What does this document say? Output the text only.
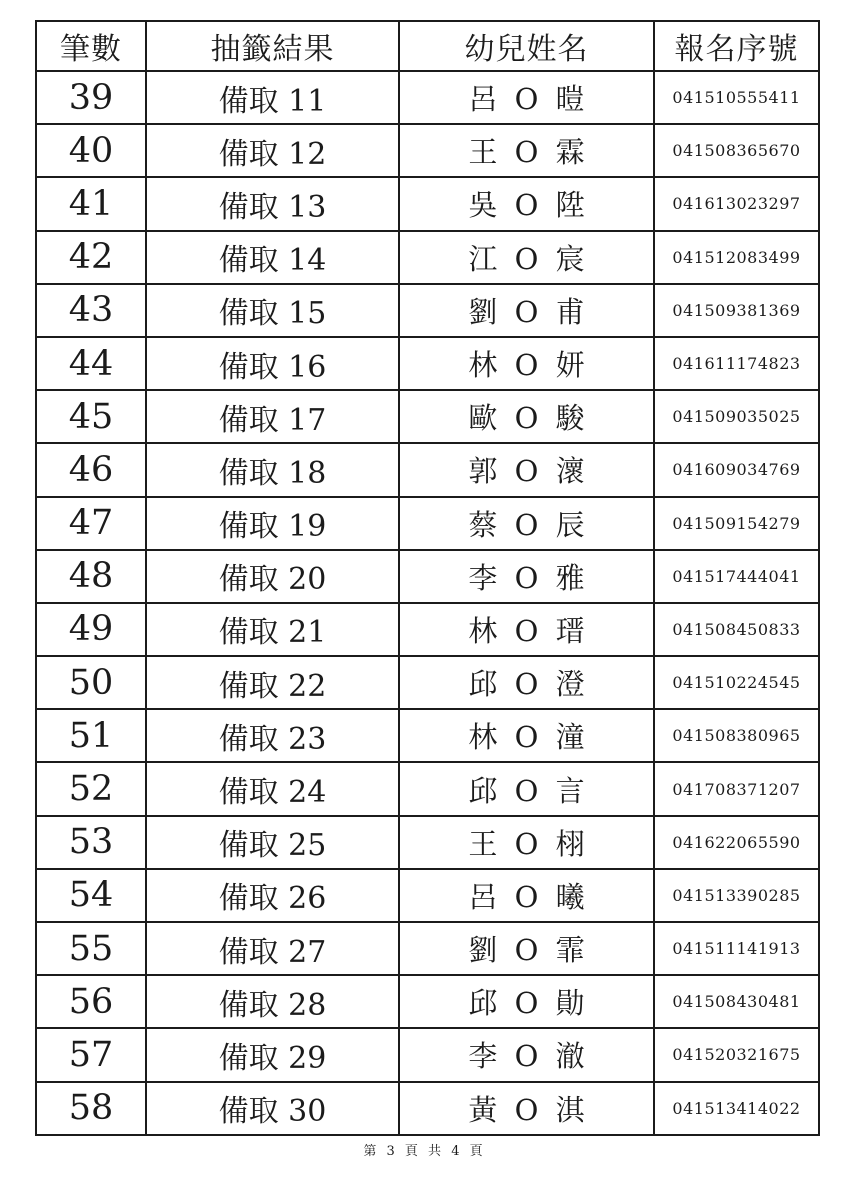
筆數	抽籤結果	幼兒姓名	報名序號
39	備取 11	呂 O 暟	041510555411
40	備取 12	王 O 霖	041508365670
41	備取 13	吳 O 陞	041613023297
42	備取 14	江 O 宸	041512083499
43	備取 15	劉 O 甫	041509381369
44	備取 16	林 O 妍	041611174823
45	備取 17	歐 O 駿	041509035025
46	備取 18	郭 O 瀤	041609034769
47	備取 19	蔡 O 辰	041509154279
48	備取 20	李 O 雅	041517444041
49	備取 21	林 O 瑨	041508450833
50	備取 22	邱 O 澄	041510224545
51	備取 23	林 O 潼	041508380965
52	備取 24	邱 O 言	041708371207
53	備取 25	王 O 栩	041622065590
54	備取 26	呂 O 曦	041513390285
55	備取 27	劉 O 霏	041511141913
56	備取 28	邱 O 勛	041508430481
57	備取 29	李 O 澈	041520321675
58	備取 30	黃 O 淇	041513414022
第 3 頁 共 4 頁
